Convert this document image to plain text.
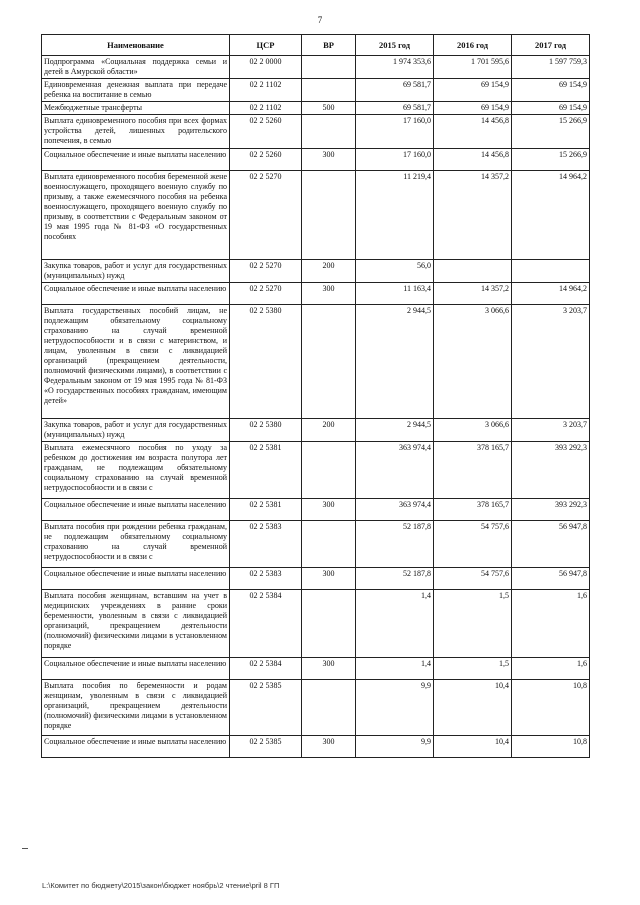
7
Наименование	ЦСР	ВР	2015 год	2016 год	2017 год
Подпрограмма «Социальная поддержка семьи и детей в Амурской области»	02 2 0000		1 974 353,6	1 701 595,6	1 597 759,3
Единовременная денежная выплата при передаче ребенка на воспитание в семью	02 2 1102		69 581,7	69 154,9	69 154,9
Межбюджетные трансферты	02 2 1102	500	69 581,7	69 154,9	69 154,9
Выплата единовременного пособия при всех формах устройства детей, лишенных родительского попечения, в семью	02 2 5260		17 160,0	14 456,8	15 266,9
Социальное обеспечение и иные выплаты населению	02 2 5260	300	17 160,0	14 456,8	15 266,9
Выплата единовременного пособия беременной жене военнослужащего, проходящего военную службу по призыву, а также ежемесячного пособия на ребенка военнослужащего, проходящего военную службу по призыву, в соответствии с Федеральным законом от 19 мая 1995 года № 81-ФЗ «О государственных пособиях	02 2 5270		11 219,4	14 357,2	14 964,2
Закупка товаров, работ и услуг для государственных (муниципальных) нужд	02 2 5270	200	56,0		
Социальное обеспечение и иные выплаты населению	02 2 5270	300	11 163,4	14 357,2	14 964,2
Выплата государственных пособий лицам, не подлежащим обязательному социальному страхованию на случай временной нетрудоспособности и в связи с материнством, и лицам, уволенным в связи с ликвидацией организаций (прекращением деятельности, полномочий физическими лицами), в соответствии с Федеральным законом от 19 мая 1995 года № 81-ФЗ «О государственных пособиях гражданам, имеющим детей»	02 2 5380		2 944,5	3 066,6	3 203,7
Закупка товаров, работ и услуг для государственных (муниципальных) нужд	02 2 5380	200	2 944,5	3 066,6	3 203,7
Выплата ежемесячного пособия по уходу за ребенком до достижения им возраста полутора лет гражданам, не подлежащим обязательному социальному страхованию на случай временной нетрудоспособности и в связи с	02 2 5381		363 974,4	378 165,7	393 292,3
Социальное обеспечение и иные выплаты населению	02 2 5381	300	363 974,4	378 165,7	393 292,3
Выплата пособия при рождении ребенка гражданам, не подлежащим обязательному социальному страхованию на случай временной нетрудоспособности и в связи с	02 2 5383		52 187,8	54 757,6	56 947,8
Социальное обеспечение и иные выплаты населению	02 2 5383	300	52 187,8	54 757,6	56 947,8
Выплата пособия женщинам, вставшим на учет в медицинских учреждениях в ранние сроки беременности, уволенным в связи с ликвидацией организаций, прекращением деятельности (полномочий) физическими лицами в установленном порядке	02 2 5384		1,4	1,5	1,6
Социальное обеспечение и иные выплаты населению	02 2 5384	300	1,4	1,5	1,6
Выплата пособия по беременности и родам женщинам, уволенным в связи с ликвидацией организаций, прекращением деятельности (полномочий) физическими лицами в установленном порядке	02 2 5385		9,9	10,4	10,8
Социальное обеспечение и иные выплаты населению	02 2 5385	300	9,9	10,4	10,8
L:\Комитет по бюджету\2015\закон\бюджет ноябрь\2 чтение\pril 8 ГП
